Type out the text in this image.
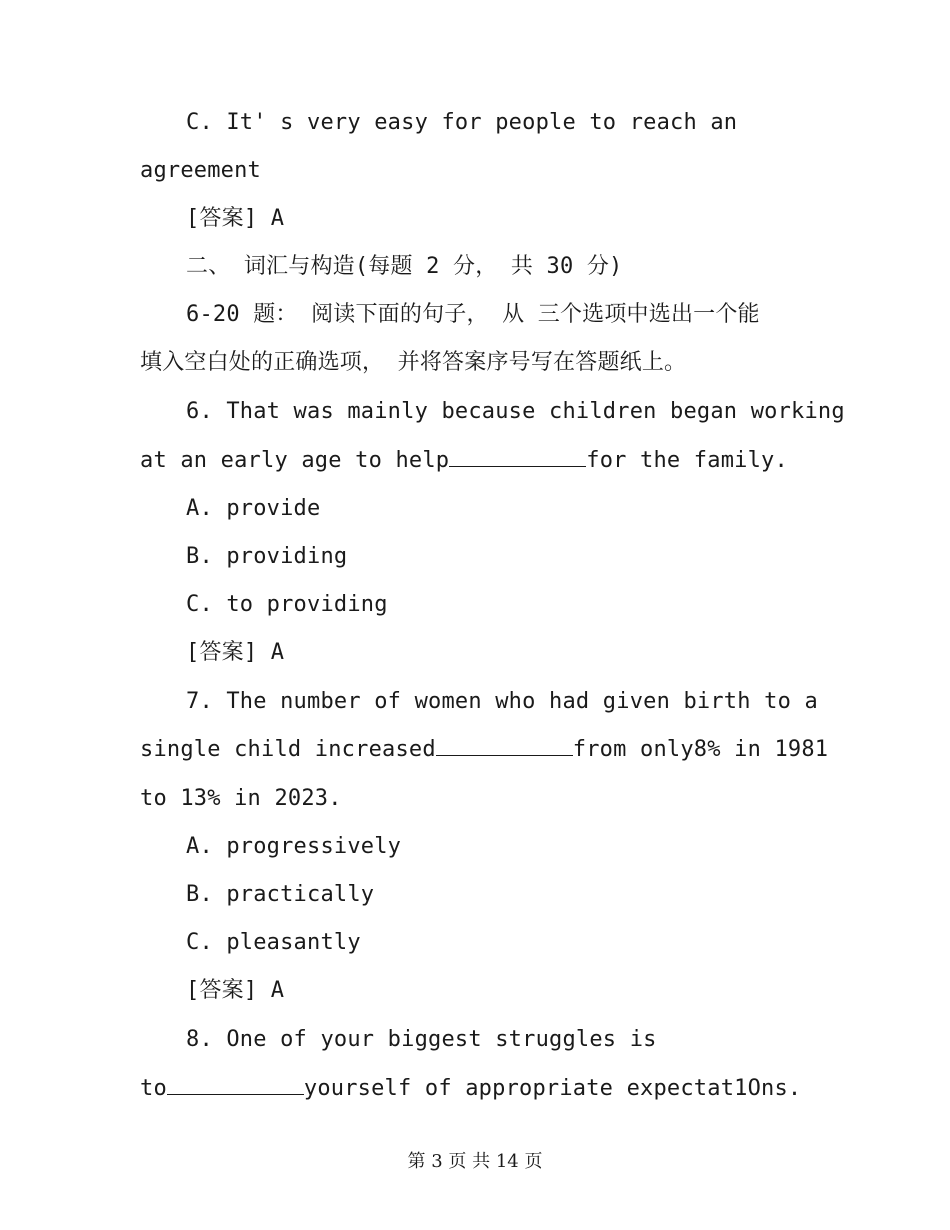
C. It' s very easy for people to reach an
agreement
[答案] A
二、 词汇与构造(每题 2 分， 共 30 分)
6-20 题： 阅读下面的句子， 从 三个选项中选出一个能
填入空白处的正确选项， 并将答案序号写在答题纸上。
6. That was mainly because children began working
at an early age to help	for the family.
A. provide
B. providing
C. to providing
[答案] A
7. The number of women who had given birth to a
single child increased	from only8% in 1981
to 13% in 2023.
A. progressively
B. practically
C. pleasantly
[答案] A
8. One of your biggest struggles is
to	yourself of appropriate expectat1Ons.
第 3 页 共 14 页
